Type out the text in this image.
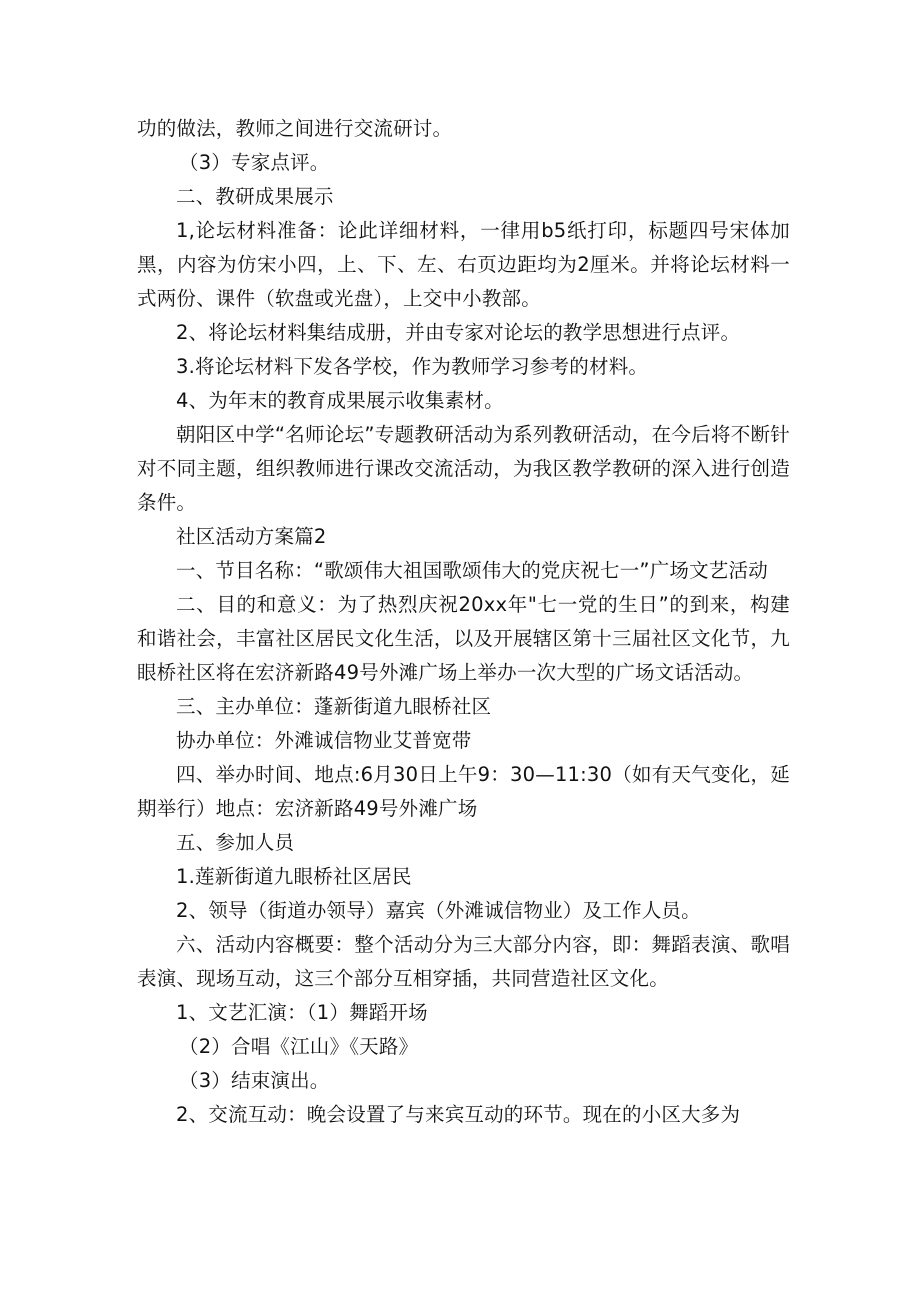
功的做法，教师之间进行交流研讨。

（3）专家点评。

二、教研成果展示

1,论坛材料准备：论此详细材料，一律用b5纸打印，标题四号宋体加黑，内容为仿宋小四，上、下、左、右页边距均为2厘米。并将论坛材料一式两份、课件（软盘或光盘），上交中小教部。

2、将论坛材料集结成册，并由专家对论坛的教学思想进行点评。

3.将论坛材料下发各学校，作为教师学习参考的材料。

4、为年末的教育成果展示收集素材。

朝阳区中学“名师论坛”专题教研活动为系列教研活动，在今后将不断针对不同主题，组织教师进行课改交流活动，为我区教学教研的深入进行创造条件。

社区活动方案篇2

一、节目名称：“歌颂伟大祖国歌颂伟大的党庆祝七一”广场文艺活动

二、目的和意义：为了热烈庆祝20xx年"七一党的生日”的到来，构建和谐社会，丰富社区居民文化生活，以及开展辖区第十三届社区文化节，九眼桥社区将在宏济新路49号外滩广场上举办一次大型的广场文话活动。

三、主办单位：蓬新街道九眼桥社区

协办单位：外滩诚信物业艾普宽带

四、举办时间、地点:6月30日上午9：30—11:30（如有天气变化，延期举行）地点：宏济新路49号外滩广场

五、参加人员

1.莲新街道九眼桥社区居民

2、领导（街道办领导）嘉宾（外滩诚信物业）及工作人员。

六、活动内容概要：整个活动分为三大部分内容，即：舞蹈表演、歌唱表演、现场互动，这三个部分互相穿插，共同营造社区文化。

1、文艺汇演：（1）舞蹈开场

（2）合唱《江山》《天路》

（3）结束演出。

2、交流互动：晚会设置了与来宾互动的环节。现在的小区大多为
